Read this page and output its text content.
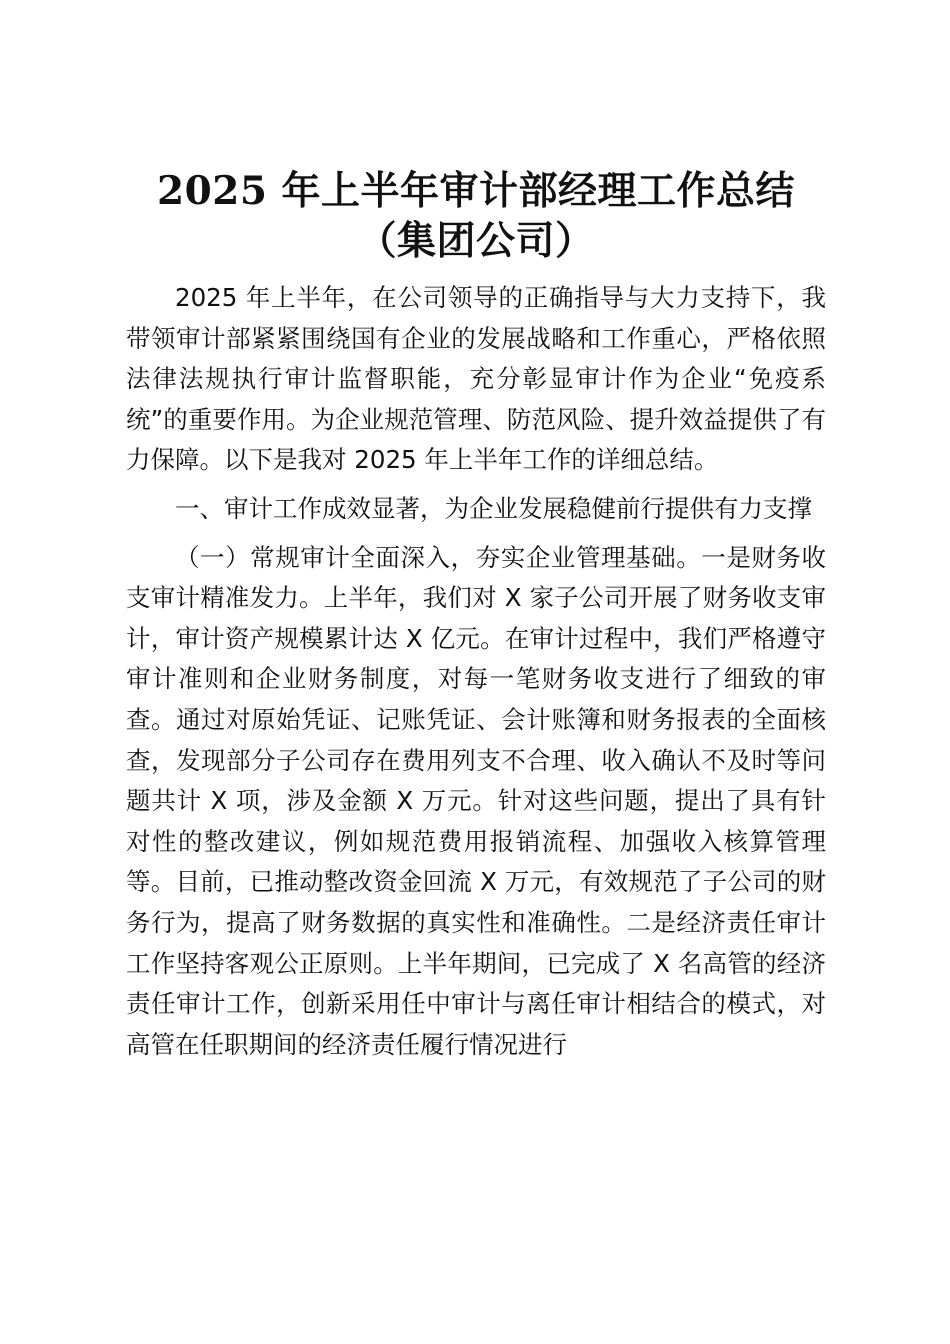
2025 年上半年审计部经理工作总结
（集团公司）

2025 年上半年，在公司领导的正确指导与大力支持下，我带领审计部紧紧围绕国有企业的发展战略和工作重心，严格依照法律法规执行审计监督职能，充分彰显审计作为企业“免疫系统”的重要作用。为企业规范管理、防范风险、提升效益提供了有力保障。以下是我对 2025 年上半年工作的详细总结。

一、审计工作成效显著，为企业发展稳健前行提供有力支撑

（一）常规审计全面深入，夯实企业管理基础。一是财务收支审计精准发力。上半年，我们对 X 家子公司开展了财务收支审计，审计资产规模累计达 X 亿元。在审计过程中，我们严格遵守审计准则和企业财务制度，对每一笔财务收支进行了细致的审查。通过对原始凭证、记账凭证、会计账簿和财务报表的全面核查，发现部分子公司存在费用列支不合理、收入确认不及时等问题共计 X 项，涉及金额 X 万元。针对这些问题，提出了具有针对性的整改建议，例如规范费用报销流程、加强收入核算管理等。目前，已推动整改资金回流 X 万元，有效规范了子公司的财务行为，提高了财务数据的真实性和准确性。二是经济责任审计工作坚持客观公正原则。上半年期间，已完成了 X 名高管的经济责任审计工作，创新采用任中审计与离任审计相结合的模式，对高管在任职期间的经济责任履行情况进行
